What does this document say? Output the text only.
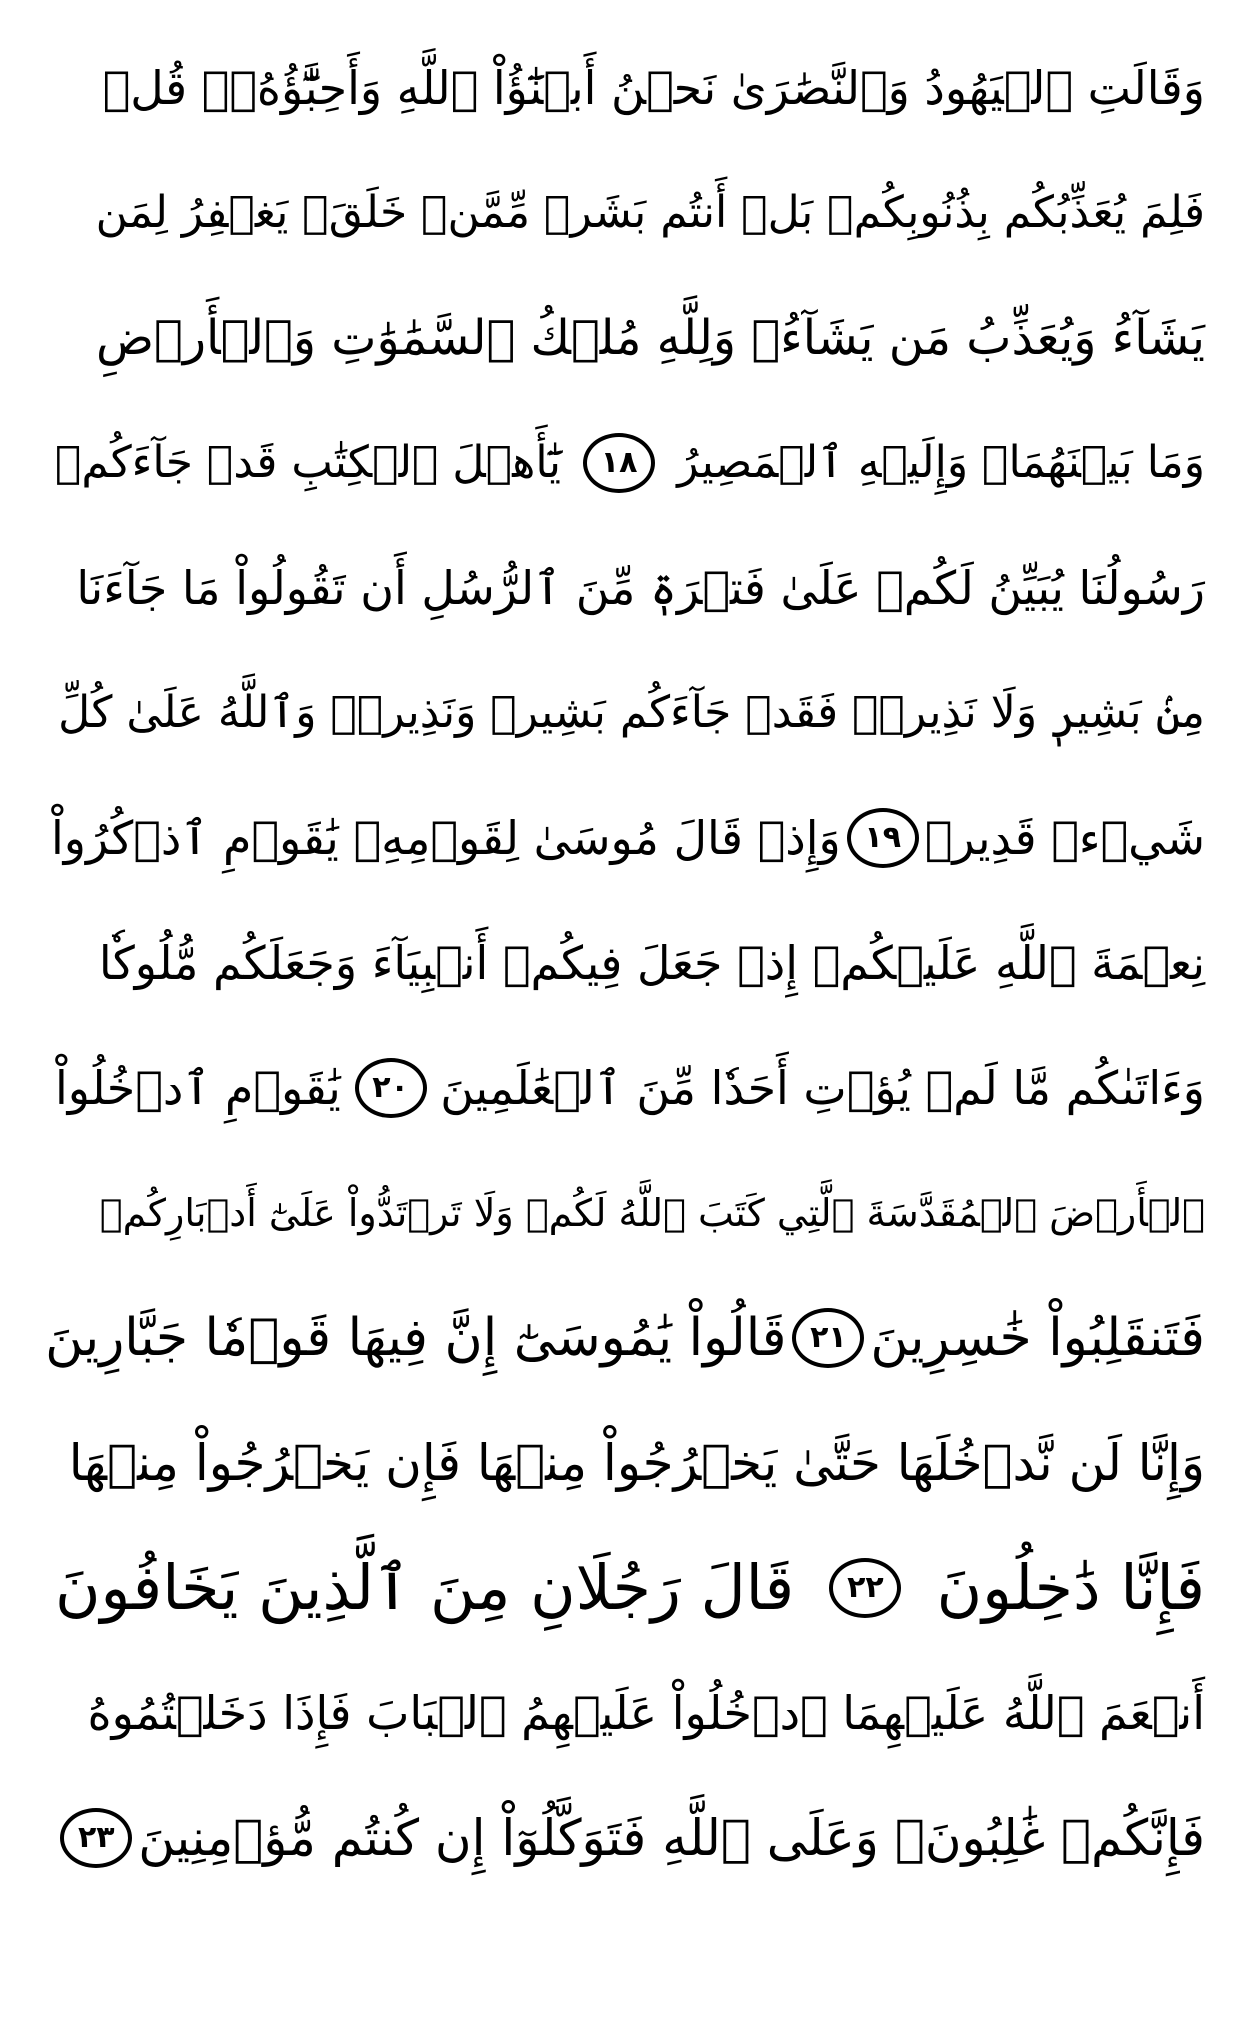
وَقَالَتِ ٱلۡيَهُودُ وَٱلنَّصَٰرَىٰ نَحۡنُ أَبۡنَٰٓؤُاْ ٱللَّهِ وَأَحِبَّٰٓؤُهُۥۚ قُلۡ
فَلِمَ يُعَذِّبُكُم بِذُنُوبِكُمۖ بَلۡ أَنتُم بَشَرٞ مِّمَّنۡ خَلَقَۚ يَغۡفِرُ لِمَن
يَشَآءُ وَيُعَذِّبُ مَن يَشَآءُۚ وَلِلَّهِ مُلۡكُ ٱلسَّمَٰوَٰتِ وَٱلۡأَرۡضِ
وَمَا بَيۡنَهُمَاۖ وَإِلَيۡهِ ٱلۡمَصِيرُ
١٨
يَٰٓأَهۡلَ ٱلۡكِتَٰبِ قَدۡ جَآءَكُمۡ
رَسُولُنَا يُبَيِّنُ لَكُمۡ عَلَىٰ فَتۡرَةٖ مِّنَ ٱلرُّسُلِ أَن تَقُولُواْ مَا جَآءَنَا
مِنۢ بَشِيرٖ وَلَا نَذِيرٖۖ فَقَدۡ جَآءَكُم بَشِيرٞ وَنَذِيرٞۗ وَٱللَّهُ عَلَىٰ كُلِّ
شَيۡءٖ قَدِيرٞ
١٩
وَإِذۡ قَالَ مُوسَىٰ لِقَوۡمِهِۦ يَٰقَوۡمِ ٱذۡكُرُواْ
نِعۡمَةَ ٱللَّهِ عَلَيۡكُمۡ إِذۡ جَعَلَ فِيكُمۡ أَنۢبِيَآءَ وَجَعَلَكُم مُّلُوكٗا
وَءَاتَىٰكُم مَّا لَمۡ يُؤۡتِ أَحَدٗا مِّنَ ٱلۡعَٰلَمِينَ
٢٠
يَٰقَوۡمِ ٱدۡخُلُواْ
ٱلۡأَرۡضَ ٱلۡمُقَدَّسَةَ ٱلَّتِي كَتَبَ ٱللَّهُ لَكُمۡ وَلَا تَرۡتَدُّواْ عَلَىٰٓ أَدۡبَارِكُمۡ
فَتَنقَلِبُواْ خَٰسِرِينَ
٢١
قَالُواْ يَٰمُوسَىٰٓ إِنَّ فِيهَا قَوۡمٗا جَبَّارِينَ
وَإِنَّا لَن نَّدۡخُلَهَا حَتَّىٰ يَخۡرُجُواْ مِنۡهَا فَإِن يَخۡرُجُواْ مِنۡهَا
فَإِنَّا دَٰخِلُونَ
٢٢
قَالَ رَجُلَانِ مِنَ ٱلَّذِينَ يَخَافُونَ
أَنۡعَمَ ٱللَّهُ عَلَيۡهِمَا ٱدۡخُلُواْ عَلَيۡهِمُ ٱلۡبَابَ فَإِذَا دَخَلۡتُمُوهُ
فَإِنَّكُمۡ غَٰلِبُونَۚ وَعَلَى ٱللَّهِ فَتَوَكَّلُوٓاْ إِن كُنتُم مُّؤۡمِنِينَ
٢٣
